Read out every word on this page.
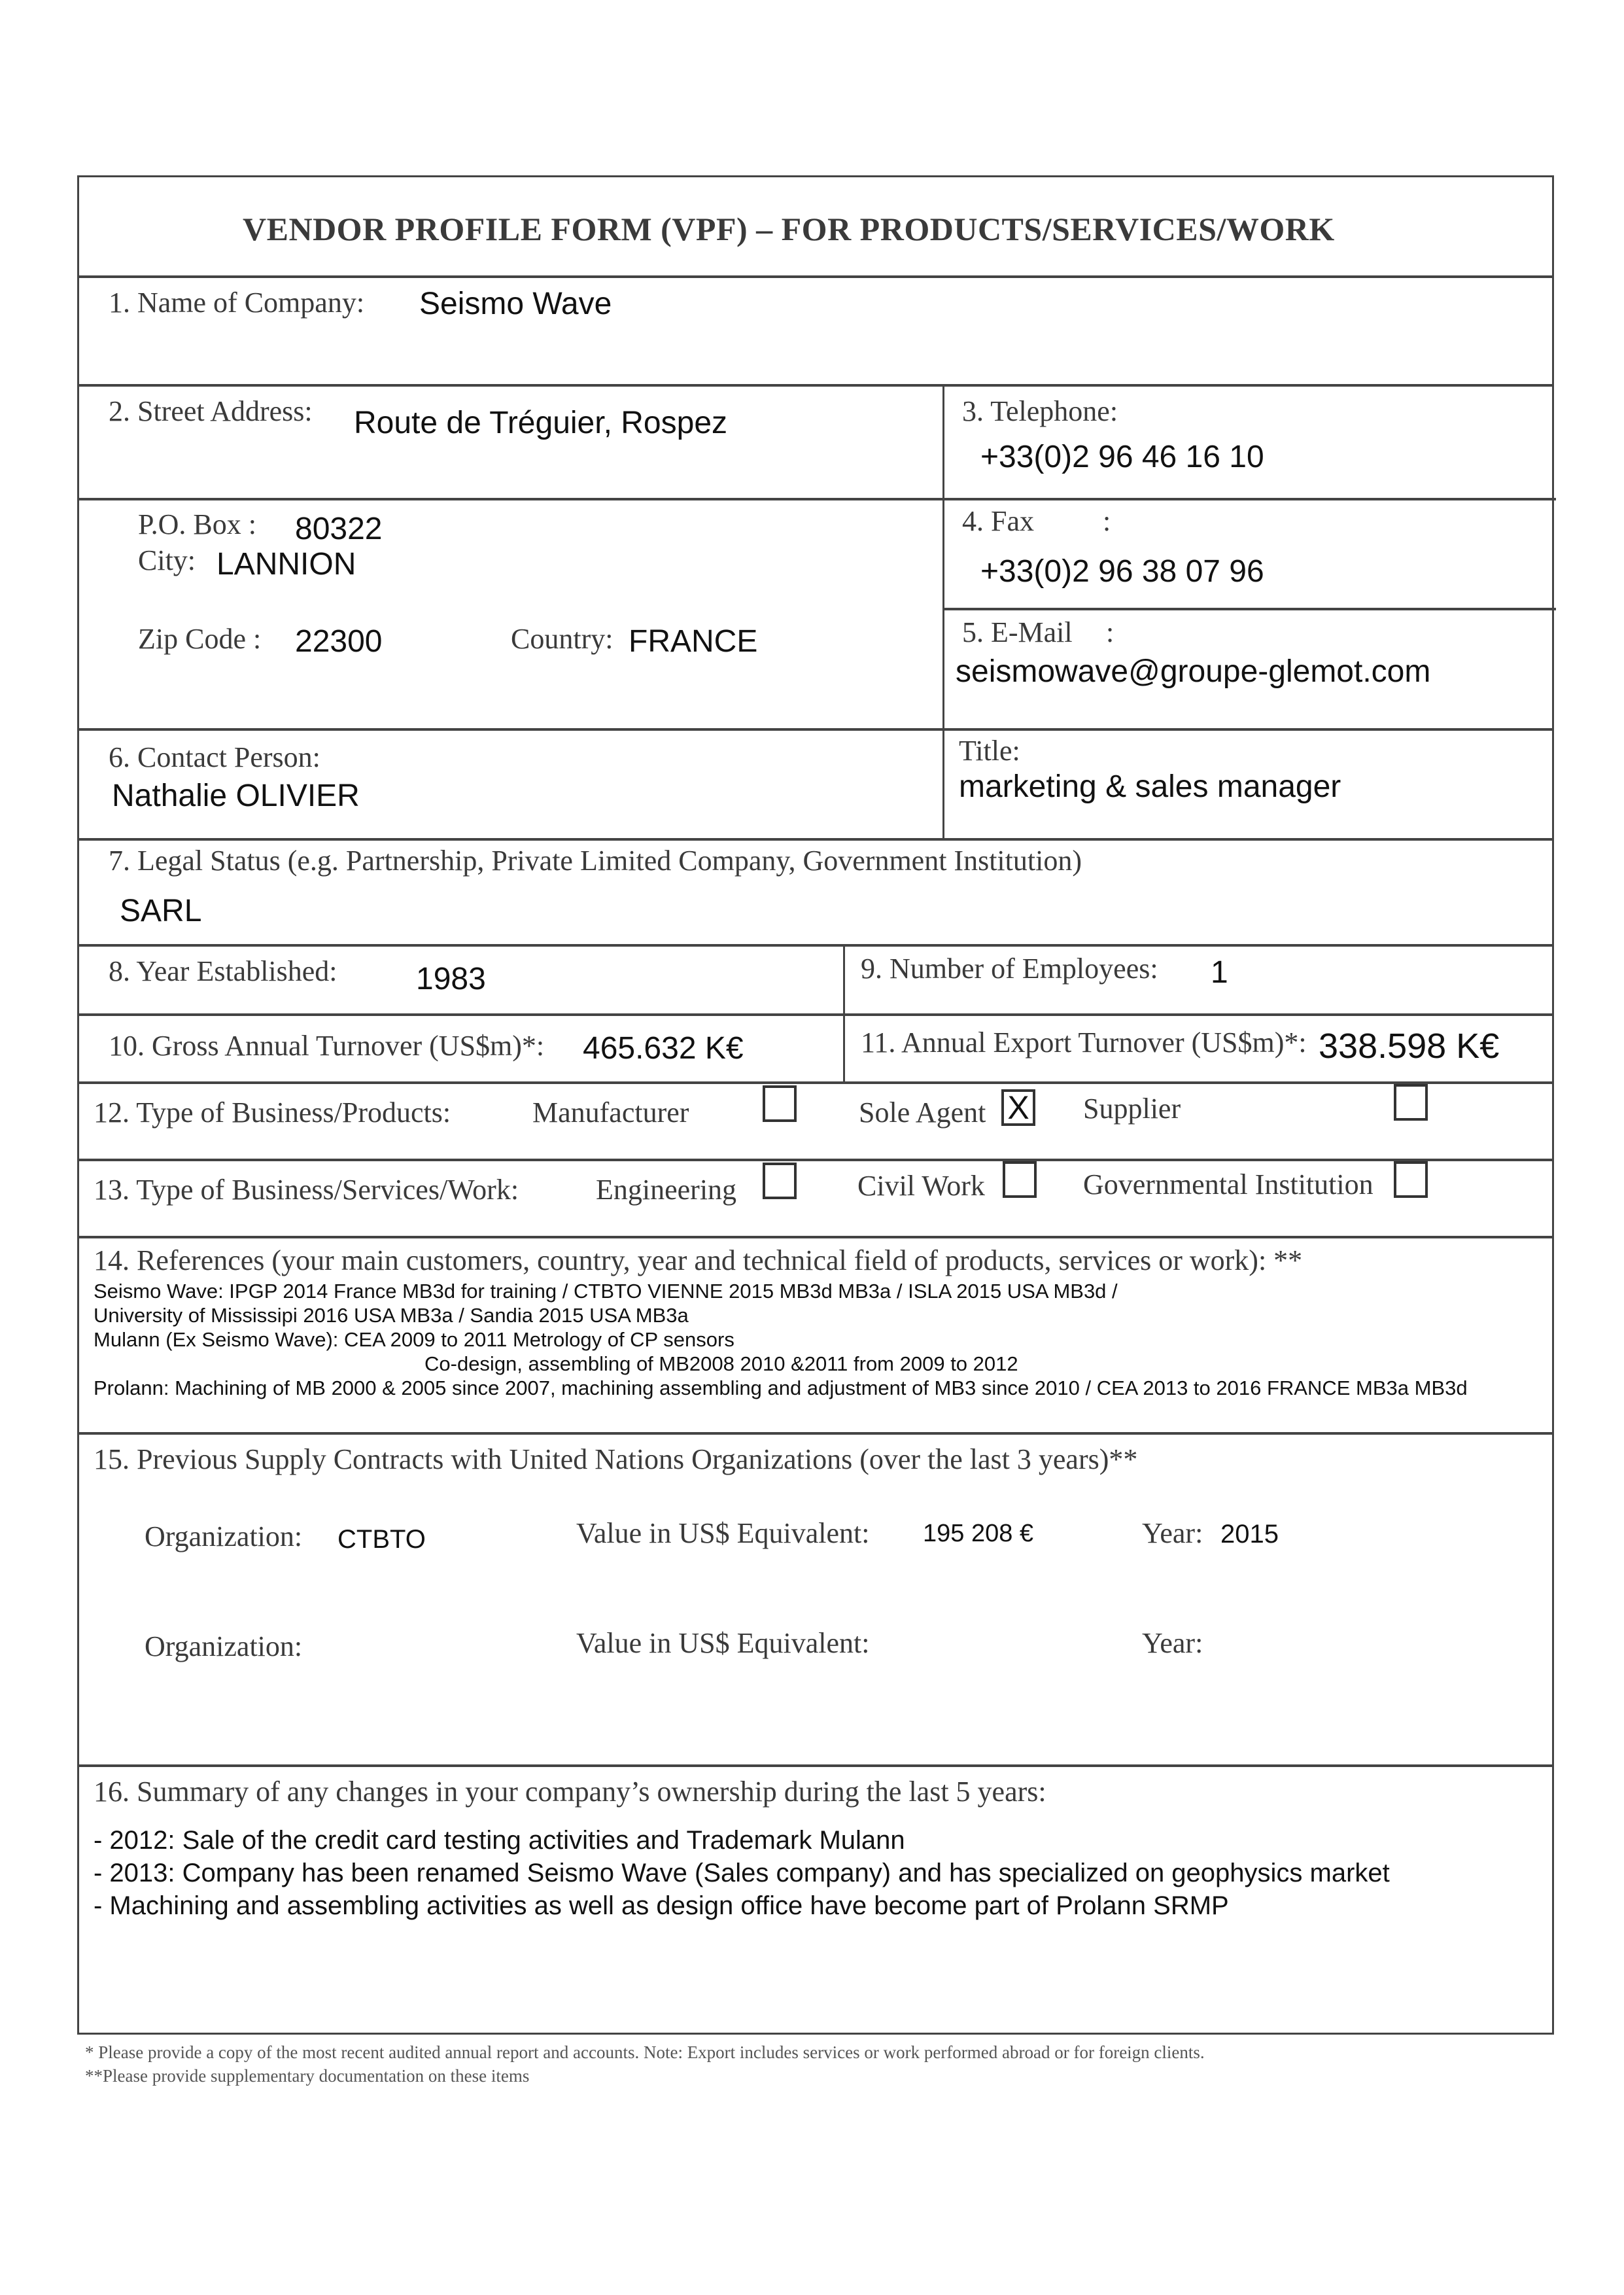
VENDOR PROFILE FORM (VPF) – FOR PRODUCTS/SERVICES/WORK
1. Name of Company: Seismo Wave
2. Street Address: Route de Tréguier, Rospez	3. Telephone:
+33(0)2 96 46 16 10
P.O. Box : 80322
City: LANNION
4. Fax :
+33(0)2 96 38 07 96
Zip Code : 22300	Country: FRANCE	5. E-Mail :
seismowave@groupe-glemot.com
6. Contact Person:
Nathalie OLIVIER
Title:
marketing & sales manager
7. Legal Status (e.g. Partnership, Private Limited Company, Government Institution)
SARL
8. Year Established:	1983	9. Number of Employees: 1
10. Gross Annual Turnover (US$m)*: 465.632 K€	11. Annual Export Turnover (US$m)*: 338.598 K€
12. Type of Business/Products:	Manufacturer	Sole Agent X Supplier
13. Type of Business/Services/Work:	Engineering	Civil Work	Governmental Institution
14. References (your main customers, country, year and technical field of products, services or work): **
Seismo Wave: IPGP 2014 France MB3d for training / CTBTO VIENNE 2015 MB3d MB3a / ISLA 2015 USA MB3d /
University of Mississipi 2016 USA MB3a / Sandia 2015 USA MB3a
Mulann (Ex Seismo Wave): CEA 2009 to 2011 Metrology of CP sensors
Co-design, assembling of MB2008 2010 &2011 from 2009 to 2012
Prolann: Machining of MB 2000 & 2005 since 2007, machining assembling and adjustment of MB3 since 2010 / CEA 2013 to 2016 FRANCE MB3a MB3d
15. Previous Supply Contracts with United Nations Organizations (over the last 3 years)**
Organization: CTBTO	Value in US$ Equivalent: 195 208 €	Year: 2015
Organization:	Value in US$ Equivalent:	Year:
16. Summary of any changes in your company’s ownership during the last 5 years:
- 2012: Sale of the credit card testing activities and Trademark Mulann
- 2013: Company has been renamed Seismo Wave (Sales company) and has specialized on geophysics market
- Machining and assembling activities as well as design office have become part of Prolann SRMP
* Please provide a copy of the most recent audited annual report and accounts. Note: Export includes services or work performed abroad or for foreign clients.
**Please provide supplementary documentation on these items
